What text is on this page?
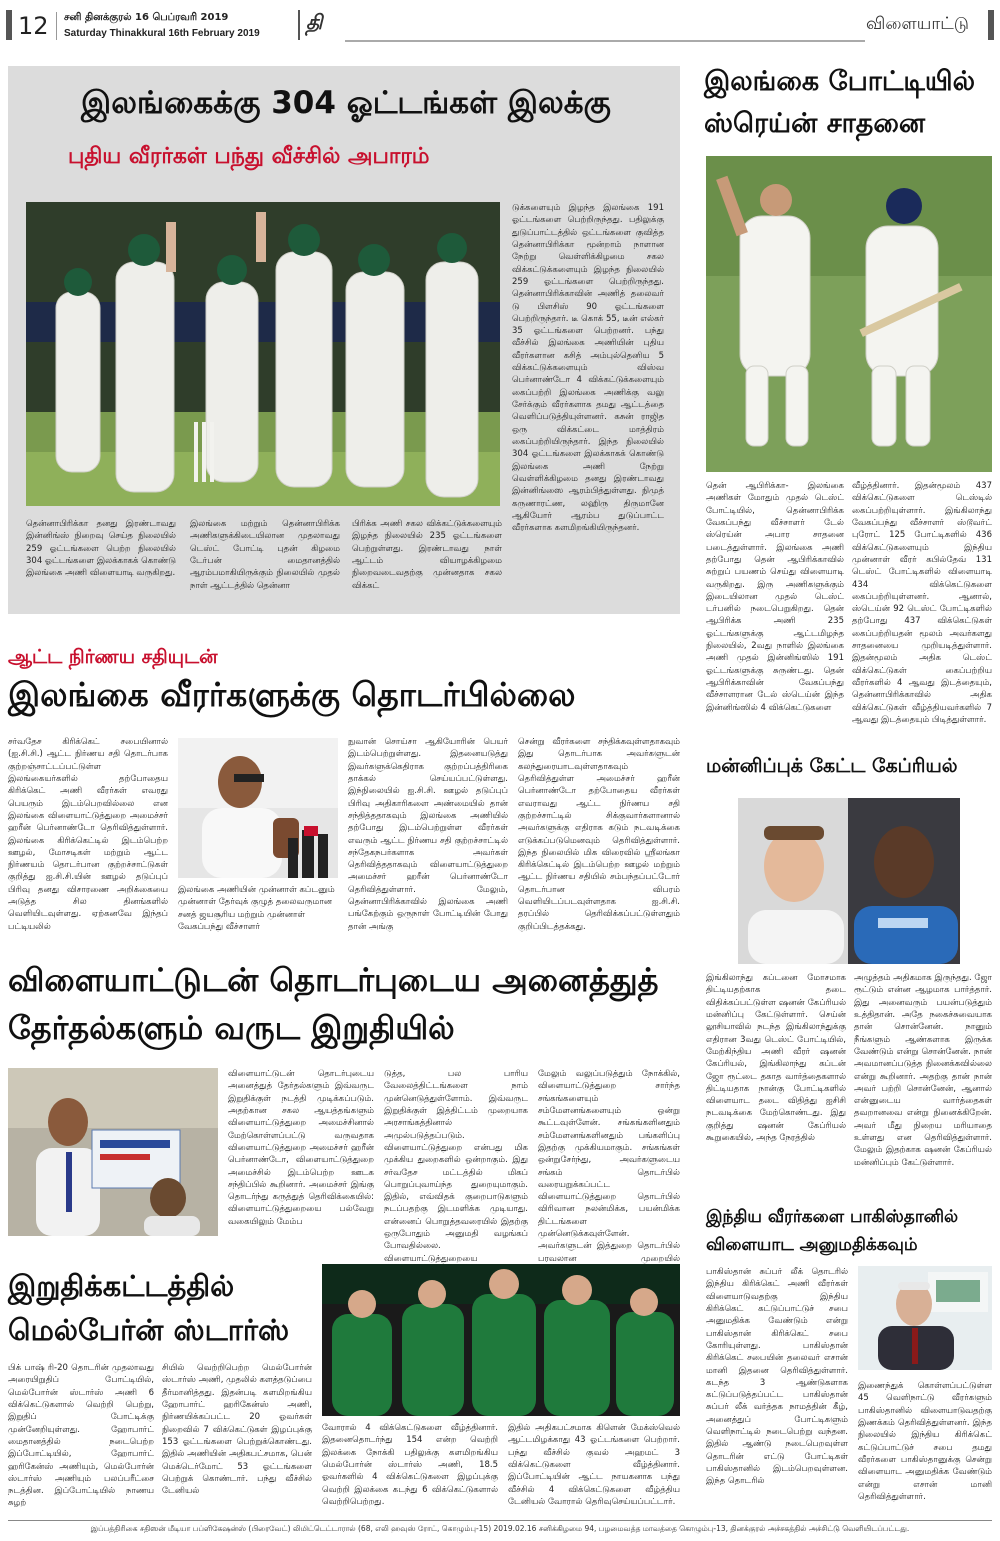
12 சனி தினக்குரல் 16 பெப்ரவரி 2019
Saturday Thinakkural 16th February 2019 தி	விளையாட்டு
இலங்கைக்கு 304 ஓட்டங்கள் இலக்கு
புதிய வீரர்கள் பந்து வீச்சில் அபாரம்
டுக்களையும் இழந்த இலங்கை 191 ஓட்டங்களை பெற்றிருந்தது. பதிலுக்கு துடுப்பாட்டத்தில் ஒட்டங்களை குவித்த தென்னாபிரிக்கா மூன்றாம் நாளான நேற்று வெள்ளிக்கிழமை சகல விக்கட்டுக்களையும் இழந்த நிலையில் 259 ஓட்டங்களை பெற்றிருந்தது. தென்னாபிரிக்காவின் அணித் தலைவர் டு பிளசிஸ் 90 ஓட்டங்களை பெற்றிருந்தார். டீ கொக் 55, டீன் எல்கர் 35 ஓட்டங்களை பெற்றனர். பந்து வீச்சில் இலங்கை அணியின் புதிய வீரர்களான கசித் அம்புல்தெனிய 5 விக்கட்டுக்களையும் விஸ்வ பெர்னாண்டோ 4 விக்கட்டுக்களையும் கைப்பற்றி இலங்கை அணிக்கு வலு சேர்க்கும் வீரர்களாக தமது ஆட்டத்தை வெளிப்படுத்தியுள்ளனர். கசுன் ராஜித ஒரு விக்கட்டை மாத்திரம் கைப்பற்றியிருந்தார். இந்த நிலையில் 304 ஓட்டங்களை இலக்காகக் கொண்டு இலங்கை அணி நேற்று வெள்ளிக்கிழமை தனது இரண்டாவது இன்னிங்ஸை ஆரம்பித்துள்ளது. நிமுத் கருணாரட்ண, லஹிரு திருமானே ஆகியோர் ஆரம்ப துடுப்பாட்ட வீரர்களாக களமிறங்கியிருந்தனர்.
தென்னாபிரிக்கா தனது இரண்டாவது இன்னிங்ஸ் நிறைவு செய்த நிலையில் 259 ஓட்டங்களை பெற்ற நிலையில் 304 ஓட்டங்களை இலக்காகக் கொண்டு இலங்கை அணி விளையாடி வருகிறது.
இலங்கை மற்றும் தென்னாபிரிக்க அணிகளுக்கிடையிலான முதலாவது டெஸ்ட் போட்டி புதன் கிழமை டேர்பன் மைதானத்தில் ஆரம்பமாகியிருக்கும் நிலையில் முதல் நாள் ஆட்டத்தில் தென்னா
பிரிக்க அணி சகல விக்கட்டுக்களையும் இழந்த நிலையில் 235 ஓட்டங்களை பெற்றுள்ளது. இரண்டாவது நாள் ஆட்டம் வியாழக்கிழமை நிறைவடைவதற்கு முன்னதாக சகல விக்கட்
இலங்கை போட்டியில்
ஸ்ரெய்ன் சாதனை
தென் ஆபிரிக்கா- இலங்கை அணிகள் மோதும் முதல் டெஸ்ட் போட்டியில், தென்னாபிரிக்க வேகப்பந்து வீச்சாளர் டேல் ஸ்ரெய்ன் அபார சாதனை படைத்துள்ளார். இலங்கை அணி தற்போது தென் ஆபிரிக்காவில் சுற்றுப் பயணம் செய்து விளையாடி வருகிறது. இரு அணிகளுக்கும் இடையிலான முதல் டெஸ்ட் டர்பனில் நடைபெறுகிறது. தென் ஆபிரிக்க அணி 235 ஓட்டங்களுக்கு ஆட்டமிழந்த நிலையில், 2வது நாளில் இலங்கை அணி முதல் இன்னிங்ஸில் 191 ஓட்டங்களுக்கு சுருண்டது. தென் ஆபிரிக்காவின் வேகப்பந்து வீச்சாளரான டேல் ஸ்டெய்ன் இந்த இன்னிங்ஸில் 4 விக்கெட்டுகளை
வீழ்த்தினார். இதன்மூலம் 437 விக்கெட்டுகளை டெஸ்டில் கைப்பற்றியுள்ளார். இங்கிலாந்து வேகப்பந்து வீச்சாளர் ஸ்டூவர்ட் புரோட் 125 போட்டிகளில் 436 விக்கெட்டுகளையும் இந்திய முன்னாள் வீரர் கபில்தேவ் 131 டெஸ்ட் போட்டிகளில் விளையாடி 434 விக்கெட்டுகளை கைப்பற்றியுள்ளனர். ஆனால், ஸ்டெய்ன் 92 டெஸ்ட் போட்டிகளில் தற்போது 437 விக்கெட்டுகள் கைப்பற்றியதன் மூலம் அவர்களது சாதனையை முறியடித்துள்ளார். இதன்மூலம் அதிக டெஸ்ட் விக்கெட்டுகள் கைப்பற்றிய வீரர்களில் 4 ஆவது இடத்தையும், தென்னாபிரிக்காவில் அதிக விக்கெட்டுகள் வீழ்த்தியவர்களில் 7 ஆவது இடத்தையும் பிடித்துள்ளார்.
ஆட்ட நிர்ணய சதியுடன்
இலங்கை வீரர்களுக்கு தொடர்பில்லை
சர்வதேச கிரிக்கெட் சபையினால் (ஐ.சி.சி.) ஆட்ட நிர்ணய சதி தொடர்பாக குற்றஞ்சாட்டப்பட்டுள்ள இலங்கையர்களில் தற்போதைய கிரிக்கெட் அணி வீரர்கள் எவரது பெயரும் இடம்பெறவில்லை என இலங்கை விளையாட்டுத்துறை அமைச்சர் ஹரீன் பெர்னாண்டோ தெரிவித்துள்ளார். இலங்கை கிரிக்கெட்டில் இடம்பெற்ற ஊழல், மோசடிகள் மற்றும் ஆட்ட நிர்ணயம் தொடர்பான குற்றச்சாட்டுகள் குறித்து ஐ.சி.சி.யின் ஊழல் தடுப்புப் பிரிவு தனது விசாரணை அறிக்கையை அடுத்த சில தினங்களில் வெளியிடவுள்ளது. ஏற்கனவே இந்தப் பட்டியலில்
இலங்கை அணியின் முன்னாள் கப்டனும் முன்னாள் தேர்வுக் குழுத் தலைவருமான சனத் ஜயசூரிய மற்றும் முன்னாள் வேகப்பந்து வீச்சாளர்
நுவான் சொய்சா ஆகியோரின் பெயர் இடம்பெற்றுள்ளது. இதனையடுத்து இவர்களுக்கெதிராக குற்றப்பத்திரிகை தாக்கல் செய்யப்பட்டுள்ளது. இந்நிலையில் ஐ.சி.சி. ஊழல் தடுப்புப் பிரிவு அதிகாரிகளை அண்மையில் தான் சந்தித்ததாகவும் இலங்கை அணியில் தற்போது இடம்பெற்றுள்ள வீரர்கள் எவரும் ஆட்ட நிர்ணய சதி குற்றச்சாட்டில் சந்தேகநபர்களாக அவர்கள் தெரிவித்ததாகவும் விளையாட்டுத்துறை அமைச்சர் ஹரீன் பெர்னாண்டோ தெரிவித்துள்ளார். மேலும், தென்னாபிரிக்காவில் இலங்கை அணி பங்கேற்கும் ஒருநாள் போட்டியின் போது தான் அங்கு
சென்று வீரர்களை சந்திக்கவுள்ளதாகவும் இது தொடர்பாக அவர்களுடன் கலந்துரையாடவுள்ளதாகவும் தெரிவித்துள்ள அமைச்சர் ஹரீன் பெர்னாண்டோ தற்போதைய வீரர்கள் எவராவது ஆட்ட நிர்ணய சதி குற்றச்சாட்டில் சிக்குவார்களானால் அவர்களுக்கு எதிராக கடும் நடவடிக்கை எடுக்கப்படுமெனவும் தெரிவித்துள்ளார். இந்த நிலையில் மிக விரைவில் ஸ்ரீலங்கா கிரிக்கெட்டில் இடம்பெற்ற ஊழல் மற்றும் ஆட்ட நிர்ணய சதியில் சம்பந்தப்பட்டோர் தொடர்பான விபரம் வெளியிடப்படவுள்ளதாக ஐ.சி.சி. தரப்பில் தெரிவிக்கப்பட்டுள்ளதும் குறிப்பிடத்தக்கது.
மன்னிப்புக் கேட்ட கேப்ரியல்
இங்கிலாந்து கப்டனை மோசமாக திட்டியதற்காக தடை விதிக்கப்பட்டுள்ள ஷனன் கேப்ரியல் மன்னிப்பு கேட்டுள்ளார். செய்ன் லூசியாவில் நடந்த இங்கிலாந்துக்கு எதிரான 3வது டெஸ்ட் போட்டியில், மேற்கிந்திய அணி வீரர் ஷனன் கேப்ரியல், இங்கிலாந்து கப்டன் ஜோ ரூட்டை தகாத வார்த்தைகளால் திட்டியதாக நான்கு போட்டிகளில் விளையாட தடை விதித்து ஐசிசி நடவடிக்கை மேற்கொண்டது. இது குறித்து ஷனன் கேப்ரியல் கூறுகையில், அந்த நேரத்தில்
அழுத்தம் அதிகமாக இருந்தது. ஜோ ரூட்டும் என்ன ஆழமாக பார்த்தார். இது அனைவரும் பயன்படுத்தும் உத்திதான். அதே நகைச்சுவையாக தான் சொன்னேன். நானும் நீங்களும் ஆண்களாக இருக்க வேண்டும் என்று சொன்னேன். நான் அவமானப்படுத்த நினைக்கவில்லை என்று கூறினார். அதற்கு தான் நான் அவர் பற்றி சொன்னேன், ஆனால் என்னுடைய வார்த்தைகள் தவறானவை என்று நினைக்கிறேன். அவர் மீது நிறைய மரியாதை உள்ளது என தெரிவித்துள்ளார். மேலும் இதற்காக ஷனன் கேப்ரியல் மன்னிப்பும் கேட்டுள்ளார்.
விளையாட்டுடன் தொடர்புடைய அனைத்துத்
தேர்தல்களும் வருட இறுதியில்
விளையாட்டுடன் தொடர்புடைய அனைத்துத் தேர்தல்களும் இவ்வருட இறுதிக்குள் நடத்தி முடிக்கப்படும். அதற்கான சகல ஆயத்தங்களும் விளையாட்டுத்துறை அமைச்சினால் மேற்கொள்ளப்பட்டு வருவதாக விளையாட்டுத்துறை அமைச்சர் ஹரீன் பெர்னாண்டோ, விளையாட்டுத்துறை அமைச்சில் இடம்பெற்ற ஊடக சந்திப்பில் கூறினார். அமைச்சர் இங்கு தொடர்ந்து கருத்துத் தெரிவிக்கையில்: விளையாட்டுத்துறையை பல்வேறு வகையிலும் மேம்ப
டுத்த, பல பாரிய வேலைத்திட்டங்களை நாம் முன்னெடுத்துள்ளோம். இவ்வருட இறுதிக்குள் இத்திட்டம் முறையாக அரசாங்கத்தினால் அமுல்படுத்தப்படும். விளையாட்டுத்துறை என்பது மிக முக்கிய துறைகளில் ஒன்றாகும். இது சர்வதேச மட்டத்தில் மிகப் பொறுப்புவாய்ந்த துறையுமாகும். இதில், எவ்விதக் குறைபாடுகளும் நடப்பதற்கு இடமளிக்க முடியாது. என்னைப் பொறுத்தவரையில் இதற்கு ஒருபோதும் அனுமதி வழங்கப் போவதில்லை. விளையாட்டுத்துறையை
மேலும் வலுப்படுத்தும் நோக்கில், விளையாட்டுத்துறை சார்ந்த சங்கங்களையும் சம்மேளனங்களையும் ஒன்று கூட்டவுள்ளேன். சங்கங்களினதும் சம்மேளனங்களினதும் பங்களிப்பு இதற்கு முக்கியமாகும். சங்கங்கள் ஒன்றுசேர்ந்து, அவர்களுடைய சங்கம் தொடர்பில் வரையறுக்கப்பட்ட விளையாட்டுத்துறை தொடர்பில் விரிவான நலன்மிக்க, பயன்மிக்க திட்டங்களை முன்னெடுக்கவுள்ளேன். அவர்களுடன் இத்துறை தொடர்பில் பரவலான முறையில்
இந்திய வீரர்களை பாகிஸ்தானில்
விளையாட அனுமதிக்கவும்
பாகிஸ்தான் சுப்பர் லீக் தொடரில் இந்திய கிரிக்கெட் அணி வீரர்கள் விளையாடுவதற்கு இந்திய கிரிக்கெட் கட்டுப்பாட்டுச் சபை அனுமதிக்க வேண்டும் என்று பாகிஸ்தான் கிரிக்கெட் சபை கோரியுள்ளது. பாகிஸ்தான் கிரிக்கெட் சபையின் தலைவர் எசான் மானி இதனை தெரிவித்துள்ளார். கடந்த 3 ஆண்டுகளாக கட்டுப்படுத்தப்பட்ட பாகிஸ்தான் சுப்பர் லீக் வர்த்தக நாமத்தின் கீழ், அனைத்துப் போட்டிகளும் வெளிநாட்டில் நடைபெற்று வந்தன. இதில் ஆண்டு நடைபெறவுள்ள தொடரின் எட்டு போட்டிகள் பாகிஸ்தானில் இடம்பெறவுள்ளன. இந்த தொடரில்
இணைந்துக் கொள்ளப்பட்டுள்ள 45 வெளிநாட்டு வீரர்களும் பாகிஸ்தானில் விளையாடுவதற்கு இணக்கம் தெரிவித்துள்ளனர். இந்த நிலையில் இந்திய கிரிக்கெட் கட்டுப்பாட்டுச் சபை தமது வீரர்களை பாகிஸ்தானுக்கு சென்று விளையாட அனுமதிக்க வேண்டும் என்று எசான் மானி தெரிவித்துள்ளார்.
இறுதிக்கட்டத்தில்
மெல்பேர்ன் ஸ்டார்ஸ்
பிக் பாஷ் ரி-20 தொடரின் முதலாவது அரையிறுதிப் போட்டியில், மெல்போர்ன் ஸ்டார்ஸ் அணி 6 விக்கெட்டுகளால் வெற்றி பெற்று, இறுதிப் போட்டிக்கு முன்னேறியுள்ளது. ஹோபார்ட் மைதானத்தில் நடைபெற்ற இப்போட்டியில், ஹோபார்ட் ஹரிகேன்ஸ் அணியும், மெல்போர்ன் ஸ்டார்ஸ் அணியும் பலப்பரீட்சை நடத்தின. இப்போட்டியில் நாணய சுழற்
சியில் வெற்றிபெற்ற மெல்போர்ன் ஸ்டார்ஸ் அணி, முதலில் களத்தடுப்பை தீர்மானித்தது. இதன்படி களமிறங்கிய ஹோபார்ட் ஹரிகேன்ஸ் அணி, நிர்ணயிக்கப்பட்ட 20 ஓவர்கள் நிறைவில் 7 விக்கெட்டுகள் இழப்புக்கு 153 ஓட்டங்களை பெற்றுக்கொண்டது. இதில் அணியின் அதிகபட்சமாக, பென் மெக்டெர்மோட் 53 ஓட்டங்களை பெற்றுக் கொண்டார். பந்து வீச்சில் டேனியல்
வோரால் 4 விக்கெட்டுகளை வீழ்த்தினார். இதனைதொடர்ந்து 154 என்ற வெற்றி இலக்கை நோக்கி பதிலுக்கு களமிறங்கிய மெல்போர்ன் ஸ்டார்ஸ் அணி, 18.5 ஓவர்களில் 4 விக்கெட்டுகளை இழப்புக்கு வெற்றி இலக்கை கடந்து 6 விக்கெட்டுகளால் வெற்றிபெற்றது.
இதில் அதிகபட்சமாக கிளென் மேக்ஸ்வெல் ஆட்டமிழக்காது 43 ஓட்டங்களை பெற்றார். பந்து வீச்சில் குவல் அஹமட் 3 விக்கெட்டுகளை வீழ்த்தினார். இப்போட்டியின் ஆட்ட நாயகனாக பந்து வீச்சில் 4 விக்கெட்டுகளை வீழ்த்திய டேனியல் வோரால் தெரிவுசெய்யப்பட்டார்.
இப்பத்திரிகை சதிஸன் மீடியா பப்ளிகேஷன்ஸ் (பிரைவேட்) லிமிட்டெட்டாரால் (68, எலி ஹவுஸ் ரோட், கொழும்பு-15) 2019.02.16 சனிக்கிழமை 94, பழமைவத்த மாவத்தை கொழும்பு-13, தினக்குரல் அச்சகத்தில் அச்சிட்டு வெளியிடப்பட்டது.
